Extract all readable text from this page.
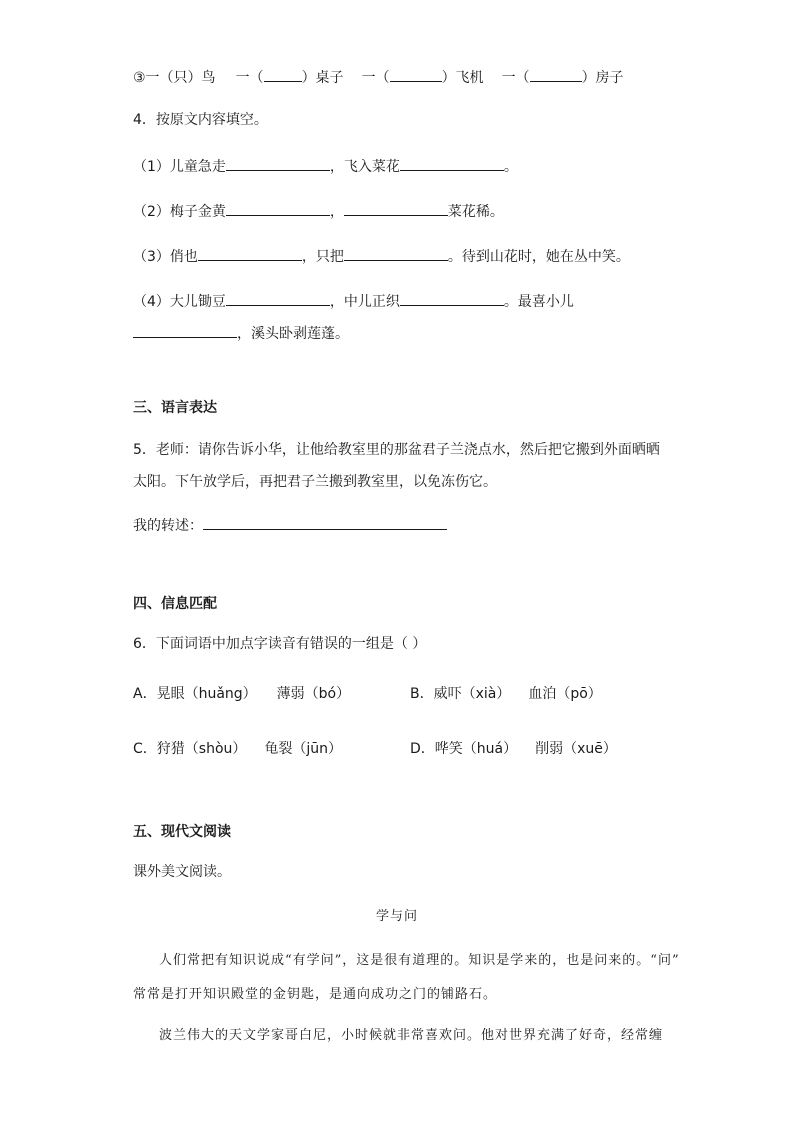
③一（只）鸟 一（	）桌子 一（	）飞机 一（	）房子
4．按原文内容填空。
（1）儿童急走	，飞入菜花	。
（2）梅子金黄	，	菜花稀。
（3）俏也	，只把	。待到山花时，她在丛中笑。
（4）大儿锄豆	，中儿正织	。最喜小儿
，溪头卧剥莲蓬。
三、语言表达
5．老师：请你告诉小华，让他给教室里的那盆君子兰浇点水，然后把它搬到外面晒晒
太阳。下午放学后，再把君子兰搬到教室里，以免冻伤它。
我的转述：
四、信息匹配
6．下面词语中加点字读音有错误的一组是（ ）
A．晃眼（huǎng） 薄弱（bó）	B．威吓（xià） 血泊（pō）
C．狩猎（shòu） 龟裂（jūn）	D．哗笑（huá） 削弱（xuē）
五、现代文阅读
课外美文阅读。
学与问
人们常把有知识说成“有学问”，这是很有道理的。知识是学来的，也是问来的。“问”
常常是打开知识殿堂的金钥匙，是通向成功之门的铺路石。
波兰伟大的天文学家哥白尼，小时候就非常喜欢问。他对世界充满了好奇，经常缠
